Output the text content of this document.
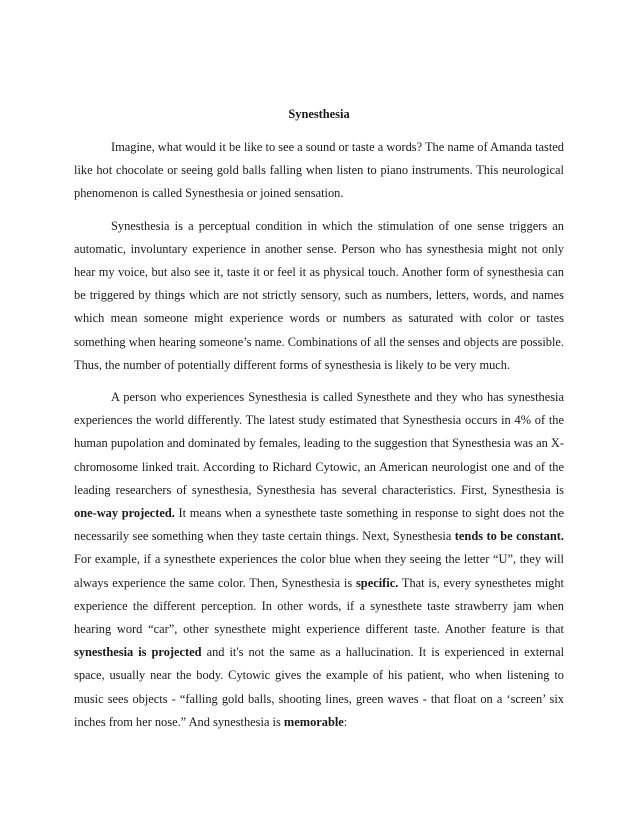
Synesthesia

Imagine, what would it be like to see a sound or taste a words? The name of Amanda tasted like hot chocolate or seeing gold balls falling when listen to piano instruments. This neurological phenomenon is called Synesthesia or joined sensation.

Synesthesia is a perceptual condition in which the stimulation of one sense triggers an automatic, involuntary experience in another sense. Person who has synesthesia might not only hear my voice, but also see it, taste it or feel it as physical touch. Another form of synesthesia can be triggered by things which are not strictly sensory, such as numbers, letters, words, and names which mean someone might experience words or numbers as saturated with color or tastes something when hearing someone’s name. Combinations of all the senses and objects are possible. Thus, the number of potentially different forms of synesthesia is likely to be very much.

A person who experiences Synesthesia is called Synesthete and they who has synesthesia experiences the world differently. The latest study estimated that Synesthesia occurs in 4% of the human pupolation and dominated by females, leading to the suggestion that Synesthesia was an X-chromosome linked trait. According to Richard Cytowic, an American neurologist one and of the leading researchers of synesthesia, Synesthesia has several characteristics. First, Synesthesia is one-way projected. It means when a synesthete taste something in response to sight does not the necessarily see something when they taste certain things. Next, Synesthesia tends to be constant. For example, if a synesthete experiences the color blue when they seeing the letter “U”, they will always experience the same color. Then, Synesthesia is specific. That is, every synesthetes might experience the different perception. In other words, if a synesthete taste strawberry jam when hearing word “car”, other synesthete might experience different taste. Another feature is that synesthesia is projected and it's not the same as a hallucination. It is experienced in external space, usually near the body. Cytowic gives the example of his patient, who when listening to music sees objects - “falling gold balls, shooting lines, green waves - that float on a ‘screen’ six inches from her nose.” And synesthesia is memorable:
